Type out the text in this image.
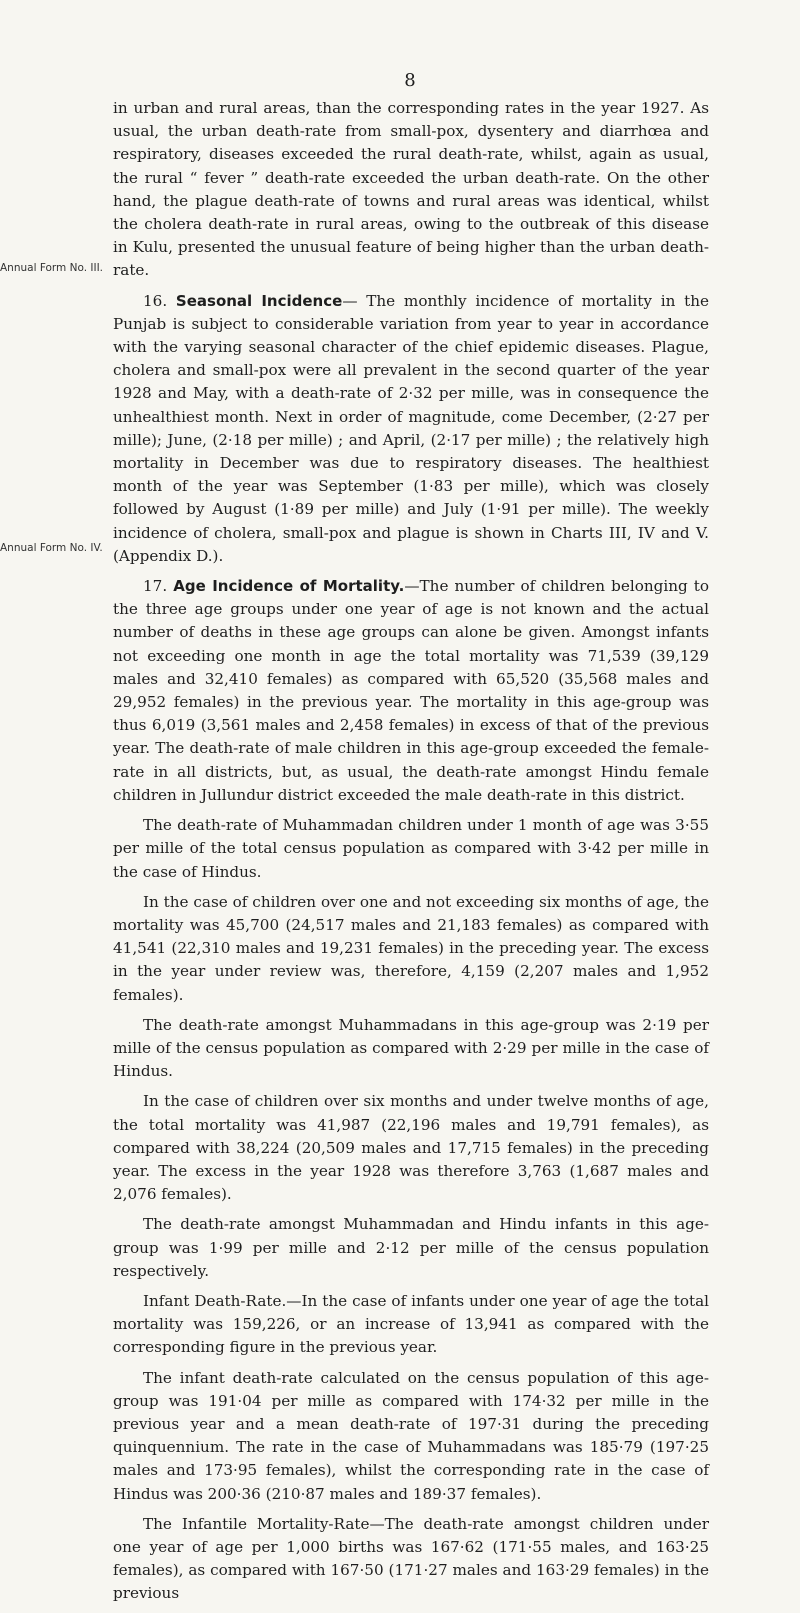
8

in urban and rural areas, than the corresponding rates in the year 1927. As usual, the urban death-rate from small-pox, dysentery and diarrhœa and respiratory, diseases exceeded the rural death-rate, whilst, again as usual, the rural “ fever ” death-rate exceeded the urban death-rate. On the other hand, the plague death-rate of towns and rural areas was identical, whilst the cholera death-rate in rural areas, owing to the outbreak of this disease in Kulu, presented the unusual feature of being higher than the urban death-rate.

16. Seasonal Incidence— The monthly incidence of mortality in the Punjab is subject to considerable variation from year to year in accordance with the varying seasonal character of the chief epidemic diseases. Plague, cholera and small-pox were all prevalent in the second quarter of the year 1928 and May, with a death-rate of 2·32 per mille, was in consequence the unhealthiest month. Next in order of magnitude, come December, (2·27 per mille); June, (2·18 per mille) ; and April, (2·17 per mille) ; the relatively high mortality in December was due to respiratory diseases. The healthiest month of the year was September (1·83 per mille), which was closely followed by August (1·89 per mille) and July (1·91 per mille). The weekly incidence of cholera, small-pox and plague is shown in Charts III, IV and V. (Appendix D.).

Annual Form No. III.

17. Age Incidence of Mortality.—The number of children belonging to the three age groups under one year of age is not known and the actual number of deaths in these age groups can alone be given. Amongst infants not exceeding one month in age the total mortality was 71,539 (39,129 males and 32,410 females) as compared with 65,520 (35,568 males and 29,952 females) in the previous year. The mortality in this age-group was thus 6,019 (3,561 males and 2,458 females) in excess of that of the previous year. The death-rate of male children in this age-group exceeded the female-rate in all districts, but, as usual, the death-rate amongst Hindu female children in Jullundur district exceeded the male death-rate in this district.

Annual Form No. IV.

The death-rate of Muhammadan children under 1 month of age was 3·55 per mille of the total census population as compared with 3·42 per mille in the case of Hindus.

In the case of children over one and not exceeding six months of age, the mortality was 45,700 (24,517 males and 21,183 females) as compared with 41,541 (22,310 males and 19,231 females) in the preceding year. The excess in the year under review was, therefore, 4,159 (2,207 males and 1,952 females).

The death-rate amongst Muhammadans in this age-group was 2·19 per mille of the census population as compared with 2·29 per mille in the case of Hindus.

In the case of children over six months and under twelve months of age, the total mortality was 41,987 (22,196 males and 19,791 females), as compared with 38,224 (20,509 males and 17,715 females) in the preceding year. The excess in the year 1928 was therefore 3,763 (1,687 males and 2,076 females).

The death-rate amongst Muhammadan and Hindu infants in this age-group was 1·99 per mille and 2·12 per mille of the census population respectively.

Infant Death-Rate.—In the case of infants under one year of age the total mortality was 159,226, or an increase of 13,941 as compared with the corresponding figure in the previous year.

The infant death-rate calculated on the census population of this age-group was 191·04 per mille as compared with 174·32 per mille in the previous year and a mean death-rate of 197·31 during the preceding quinquennium. The rate in the case of Muhammadans was 185·79 (197·25 males and 173·95 females), whilst the corresponding rate in the case of Hindus was 200·36 (210·87 males and 189·37 females).

The Infantile Mortality-Rate—The death-rate amongst children under one year of age per 1,000 births was 167·62 (171·55 males, and 163·25 females), as compared with 167·50 (171·27 males and 163·29 females) in the previous
